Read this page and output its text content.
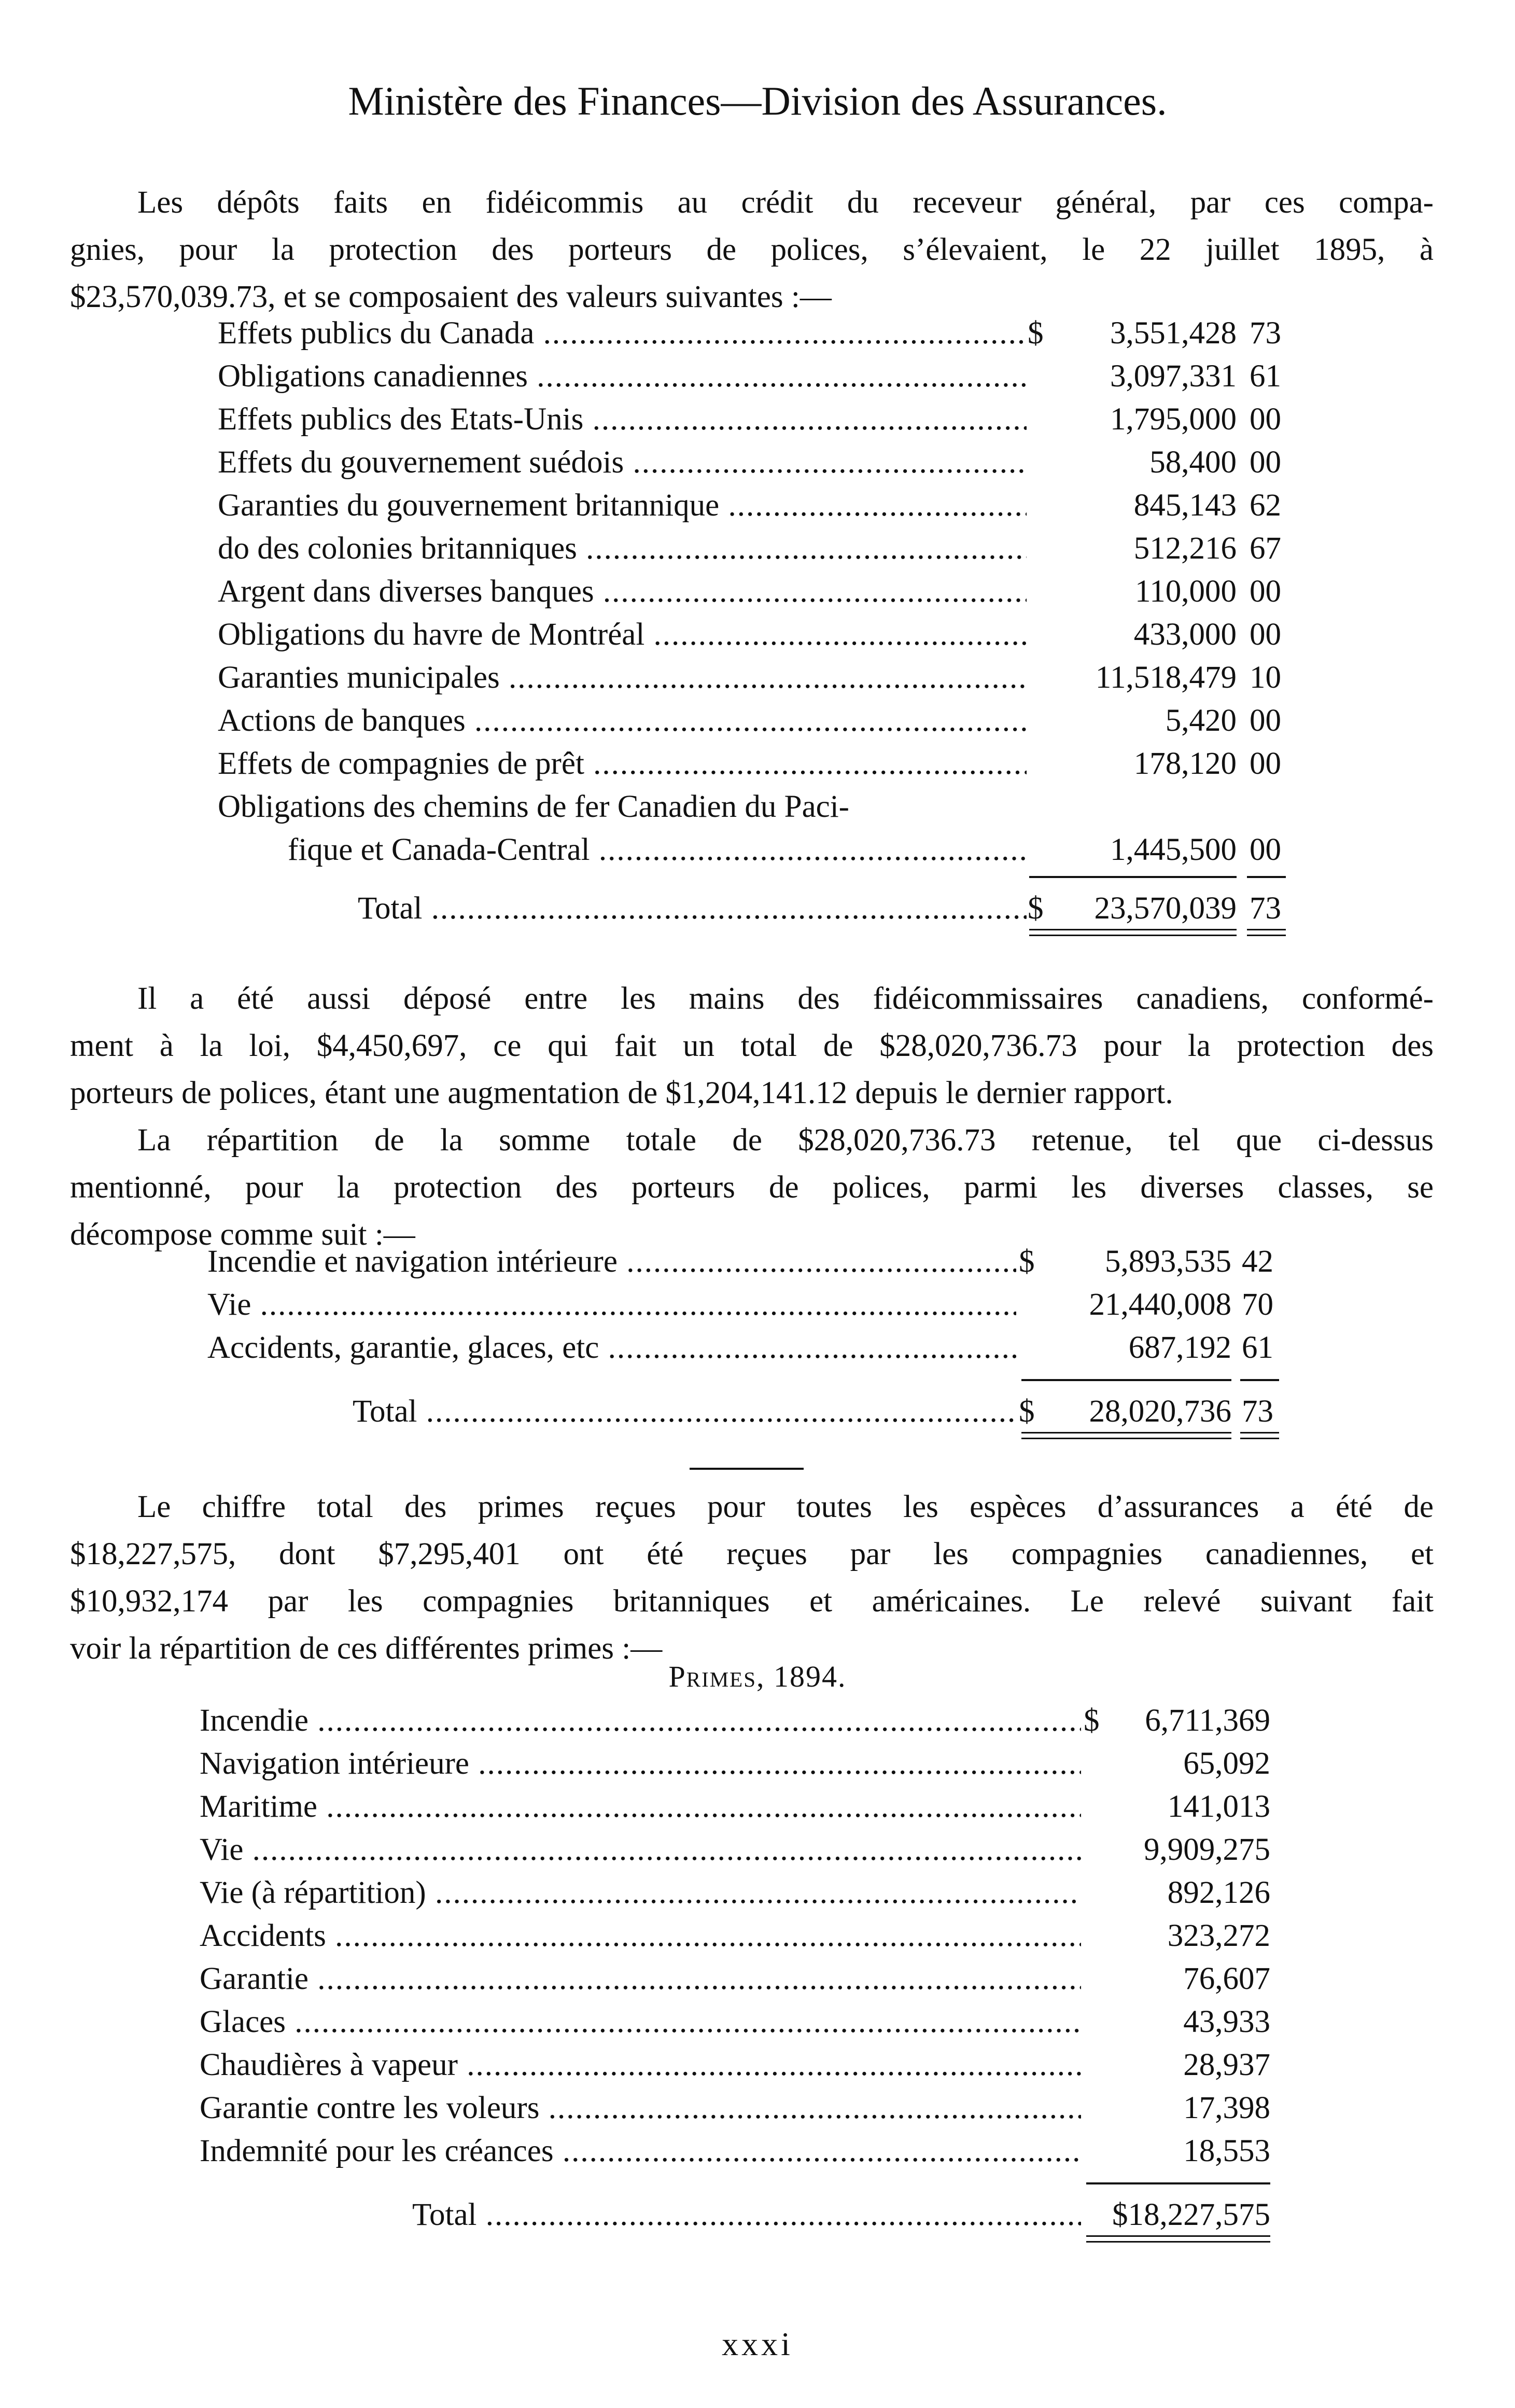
Ministère des Finances—Division des Assurances.
Les dépôts faits en fidéicommis au crédit du receveur général, par ces compa-
gnies, pour la protection des porteurs de polices, s’élevaient, le 22 juillet 1895, à
$23,570,039.73, et se composaient des valeurs suivantes :—
Effets publics du Canada .....	$	3,551,428 73
Obligations canadiennes .....	3,097,331 61
Effets publics des Etats-Unis .....	1,795,000 00
Effets du gouvernement suédois .....	58,400 00
Garanties du gouvernement britannique .....	845,143 62
do des colonies britanniques .....	512,216 67
Argent dans diverses banques .....	110,000 00
Obligations du havre de Montréal .....	433,000 00
Garanties municipales .....	11,518,479 10
Actions de banques .....	5,420 00
Effets de compagnies de prêt .....	178,120 00
Obligations des chemins de fer Canadien du Paci-
fique et Canada-Central .....	1,445,500 00
Total .....	$	23,570,039 73
Il a été aussi déposé entre les mains des fidéicommissaires canadiens, conformé-
ment à la loi, $4,450,697, ce qui fait un total de $28,020,736.73 pour la protection des
porteurs de polices, étant une augmentation de $1,204,141.12 depuis le dernier rapport.
La répartition de la somme totale de $28,020,736.73 retenue, tel que ci-dessus
mentionné, pour la protection des porteurs de polices, parmi les diverses classes, se
décompose comme suit :—
Incendie et navigation intérieure .....	$	5,893,535 42
Vie .....	21,440,008 70
Accidents, garantie, glaces, etc .....	687,192 61
Total .....	$	28,020,736 73
Le chiffre total des primes reçues pour toutes les espèces d’assurances a été de
$18,227,575, dont $7,295,401 ont été reçues par les compagnies canadiennes, et
$10,932,174 par les compagnies britanniques et américaines. Le relevé suivant fait
voir la répartition de ces différentes primes :—
Primes, 1894.
Incendie .....	$	6,711,369
Navigation intérieure .....	65,092
Maritime .....	141,013
Vie .....	9,909,275
Vie (à répartition) .....	892,126
Accidents .....	323,272
Garantie .....	76,607
Glaces .....	43,933
Chaudières à vapeur .....	28,937
Garantie contre les voleurs .....	17,398
Indemnité pour les créances .....	18,553
Total .....	$18,227,575
xxxi
